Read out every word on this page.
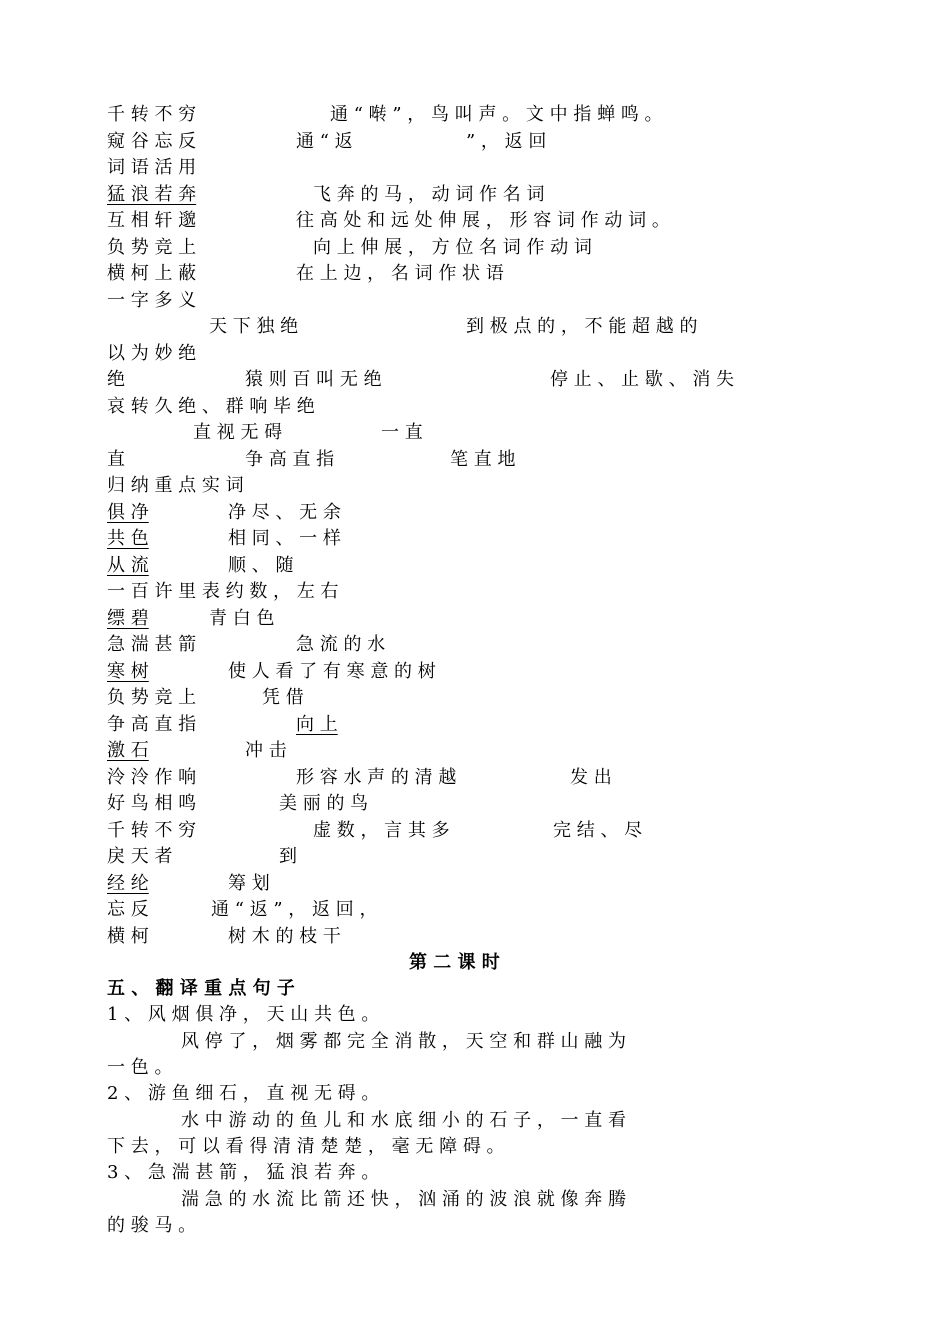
千 转 不 穷	通 “ 啭 ” ， 鸟 叫 声 。 文 中 指 蝉 鸣 。
窥 谷 忘 反	通 “ 返	” ， 返 回
词 语 活 用
猛 浪 若 奔	飞 奔 的 马 ， 动 词 作 名 词
互 相 轩 邈	往 高 处 和 远 处 伸 展 ， 形 容 词 作 动 词 。
负 势 竞 上	向 上 伸 展 ， 方 位 名 词 作 动 词
横 柯 上 蔽	在 上 边 ， 名 词 作 状 语
一 字 多 义
天 下 独 绝	到 极 点 的 ， 不 能 超 越 的
以 为 妙 绝
绝	猿 则 百 叫 无 绝	停 止 、 止 歇 、 消 失
哀 转 久 绝 、 群 响 毕 绝
直 视 无 碍	一 直
直	争 高 直 指	笔 直 地
归 纳 重 点 实 词
俱 净	净 尽 、 无 余
共 色	相 同 、 一 样
从 流	顺 、 随
一 百 许 里 表 约 数 ， 左 右
缥 碧	青 白 色
急 湍 甚 箭	急 流 的 水
寒 树	使 人 看 了 有 寒 意 的 树
负 势 竞 上	凭 借
争 高 直 指	向 上
激 石	冲 击
泠 泠 作 响	形 容 水 声 的 清 越	发 出
好 鸟 相 鸣	美 丽 的 鸟
千 转 不 穷	虚 数 ， 言 其 多	完 结 、 尽
戾 天 者	到
经 纶	筹 划
忘 反	通 “ 返 ” ， 返 回 ，
横 柯	树 木 的 枝 干
第 二 课 时
五 、 翻 译 重 点 句 子
1 、 风 烟 俱 净 ， 天 山 共 色 。
风 停 了 ， 烟 雾 都 完 全 消 散 ， 天 空 和 群 山 融 为
一 色 。
2 、 游 鱼 细 石 ， 直 视 无 碍 。
水 中 游 动 的 鱼 儿 和 水 底 细 小 的 石 子 ， 一 直 看
下 去 ， 可 以 看 得 清 清 楚 楚 ， 毫 无 障 碍 。
3 、 急 湍 甚 箭 ， 猛 浪 若 奔 。
湍 急 的 水 流 比 箭 还 快 ， 汹 涌 的 波 浪 就 像 奔 腾
的 骏 马 。
